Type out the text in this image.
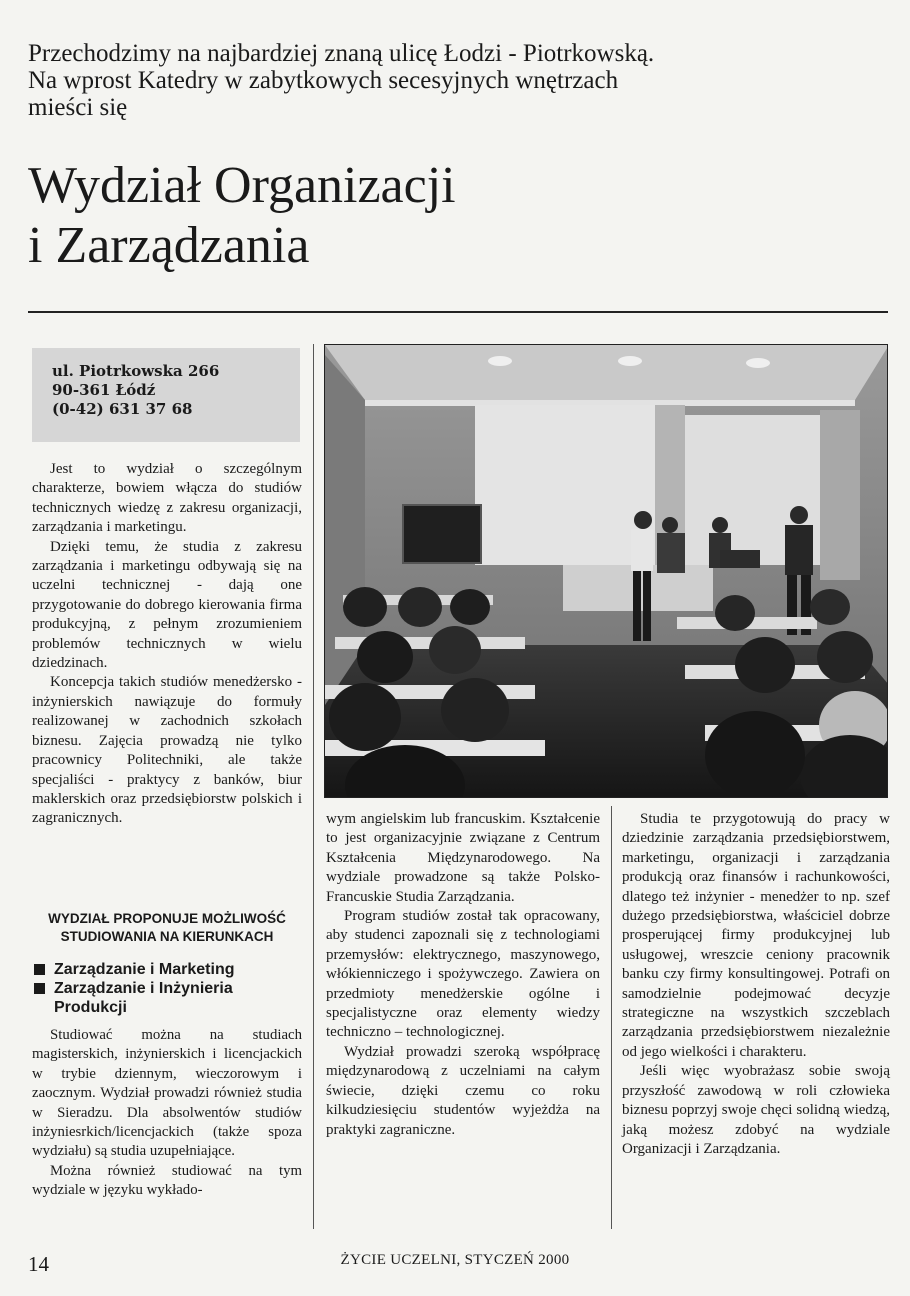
Przechodzimy na najbardziej znaną ulicę Łodzi - Piotrkowską.
Na wprost Katedry w zabytkowych secesyjnych wnętrzach
mieści się
Wydział Organizacji
i Zarządzania
ul. Piotrkowska 266
90-361 Łódź
(0-42) 631 37 68

Jest to wydział o szczególnym charakterze, bowiem włącza do studiów technicznych wiedzę z zakresu organizacji, zarządzania i marketingu.

Dzięki temu, że studia z zakresu zarządzania i marketingu odbywają się na uczelni technicznej - dają one przygotowanie do dobrego kierowania firma produkcyjną, z pełnym zrozumieniem problemów technicznych w wielu dziedzinach.

Koncepcja takich studiów menedżersko - inżynierskich nawiązuje do formuły realizowanej w zachodnich szkołach biznesu. Zajęcia prowadzą nie tylko pracownicy Politechniki, ale także specjaliści - praktycy z banków, biur maklerskich oraz przedsiębiorstw polskich i zagranicznych.

WYDZIAŁ PROPONUJE MOŻLIWOŚĆ
STUDIOWANIA NA KIERUNKACH
Zarządzanie i Marketing
Zarządzanie i Inżynieria Produkcji

Studiować można na studiach magisterskich, inżynierskich i licencjackich w trybie dziennym, wieczorowym i zaocznym. Wydział prowadzi również studia w Sieradzu. Dla absolwentów studiów inżyniesrkich/licencjackich (także spoza wydziału) są studia uzupełniające.

Można również studiować na tym wydziale w języku wykłado-

wym angielskim lub francuskim. Kształcenie to jest organizacyjnie związane z Centrum Kształcenia Międzynarodowego. Na wydziale prowadzone są także Polsko-Francuskie Studia Zarządzania.

Program studiów został tak opracowany, aby studenci zapoznali się z technologiami przemysłów: elektrycznego, maszynowego, włókienniczego i spożywczego. Zawiera on przedmioty menedżerskie ogólne i specjalistyczne oraz elementy wiedzy techniczno – technologicznej.

Wydział prowadzi szeroką współpracę międzynarodową z uczelniami na całym świecie, dzięki czemu co roku kilkudziesięciu studentów wyjeżdża na praktyki zagraniczne.

Studia te przygotowują do pracy w dziedzinie zarządzania przedsiębiorstwem, marketingu, organizacji i zarządzania produkcją oraz finansów i rachunkowości, dlatego też inżynier - menedżer to np. szef dużego przedsiębiorstwa, właściciel dobrze prosperującej firmy produkcyjnej lub usługowej, wreszcie ceniony pracownik banku czy firmy konsultingowej. Potrafi on samodzielnie podejmować decyzje strategiczne na wszystkich szczeblach zarządzania przedsiębiorstwem niezależnie od jego wielkości i charakteru.

Jeśli więc wyobrażasz sobie swoją przyszłość zawodową w roli człowieka biznesu poprzyj swoje chęci solidną wiedzą, jaką możesz zdobyć na wydziale Organizacji i Zarządzania.

14	ŻYCIE UCZELNI, STYCZEŃ 2000
